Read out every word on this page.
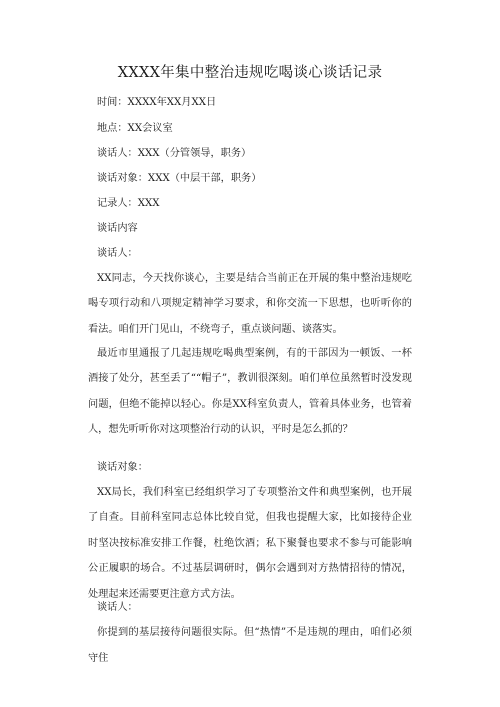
XXXX年集中整治违规吃喝谈心谈话记录
时间：XXXX年XX月XX日
地点：XX会议室
谈话人：XXX（分管领导，职务）
谈话对象：XXX（中层干部，职务）
记录人：XXX
谈话内容
谈话人：
XX同志，今天找你谈心，主要是结合当前正在开展的集中整治违规吃喝专项行动和八项规定精神学习要求，和你交流一下思想，也听听你的看法。咱们开门见山，不绕弯子，重点谈问题、谈落实。
最近市里通报了几起违规吃喝典型案例，有的干部因为一顿饭、一杯酒接了处分，甚至丢了““帽子”，教训很深刻。咱们单位虽然暂时没发现问题，但绝不能掉以轻心。你是XX科室负责人，管着具体业务，也管着人，想先听听你对这项整治行动的认识，平时是怎么抓的？
谈话对象：
XX局长，我们科室已经组织学习了专项整治文件和典型案例，也开展了自查。目前科室同志总体比较自觉，但我也提醒大家，比如接待企业时坚决按标准安排工作餐，杜绝饮酒；私下聚餐也要求不参与可能影响公正履职的场合。不过基层调研时，偶尔会遇到对方热情招待的情况，处理起来还需要更注意方式方法。
谈话人：
你提到的基层接待问题很实际。但“热情”不是违规的理由，咱们必须守住
